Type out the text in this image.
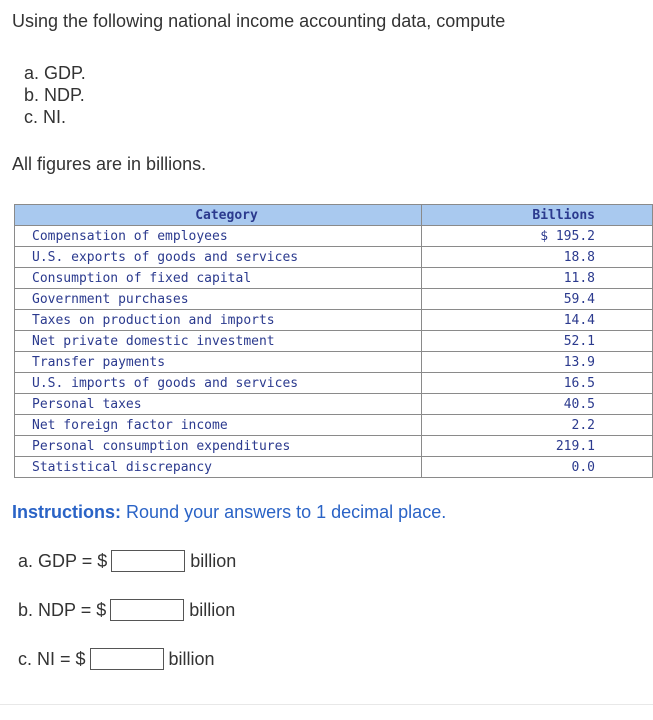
Using the following national income accounting data, compute
a. GDP.
b. NDP.
c. NI.
All figures are in billions.
Category	Billions
Compensation of employees	$ 195.2
U.S. exports of goods and services	18.8
Consumption of fixed capital	11.8
Government purchases	59.4
Taxes on production and imports	14.4
Net private domestic investment	52.1
Transfer payments	13.9
U.S. imports of goods and services	16.5
Personal taxes	40.5
Net foreign factor income	2.2
Personal consumption expenditures	219.1
Statistical discrepancy	0.0
Instructions: Round your answers to 1 decimal place.
a. GDP = $	billion
b. NDP = $	billion
c. NI = $	billion
